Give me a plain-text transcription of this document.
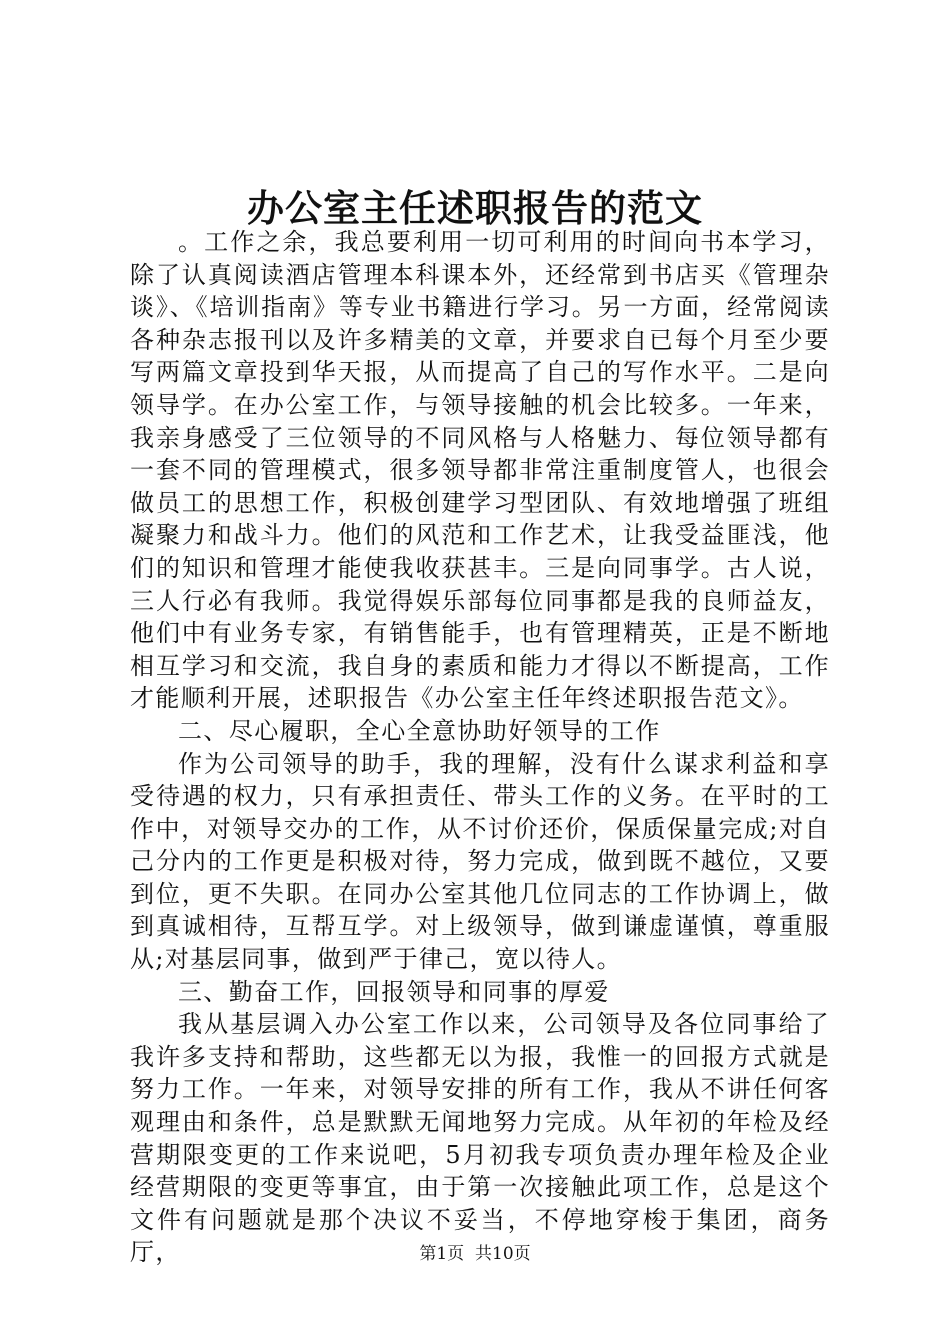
办公室主任述职报告的范文

。工作之余，我总要利用一切可利用的时间向书本学习，除了认真阅读酒店管理本科课本外，还经常到书店买《管理杂谈》、《培训指南》等专业书籍进行学习。另一方面，经常阅读各种杂志报刊以及许多精美的文章，并要求自已每个月至少要写两篇文章投到华天报，从而提高了自己的写作水平。二是向领导学。在办公室工作，与领导接触的机会比较多。一年来，我亲身感受了三位领导的不同风格与人格魅力、每位领导都有一套不同的管理模式，很多领导都非常注重制度管人，也很会做员工的思想工作，积极创建学习型团队、有效地增强了班组凝聚力和战斗力。他们的风范和工作艺术，让我受益匪浅，他们的知识和管理才能使我收获甚丰。三是向同事学。古人说，三人行必有我师。我觉得娱乐部每位同事都是我的良师益友，他们中有业务专家，有销售能手，也有管理精英，正是不断地相互学习和交流，我自身的素质和能力才得以不断提高，工作才能顺利开展，述职报告《办公室主任年终述职报告范文》。

二、尽心履职，全心全意协助好领导的工作

作为公司领导的助手，我的理解，没有什么谋求利益和享受待遇的权力，只有承担责任、带头工作的义务。在平时的工作中，对领导交办的工作，从不讨价还价，保质保量完成;对自己分内的工作更是积极对待，努力完成，做到既不越位，又要到位，更不失职。在同办公室其他几位同志的工作协调上，做到真诚相待，互帮互学。对上级领导，做到谦虚谨慎，尊重服从;对基层同事，做到严于律己，宽以待人。

三、勤奋工作，回报领导和同事的厚爱

我从基层调入办公室工作以来，公司领导及各位同事给了我许多支持和帮助，这些都无以为报，我惟一的回报方式就是努力工作。一年来，对领导安排的所有工作，我从不讲任何客观理由和条件，总是默默无闻地努力完成。从年初的年检及经营期限变更的工作来说吧，5月初我专项负责办理年检及企业经营期限的变更等事宜，由于第一次接触此项工作，总是这个文件有问题就是那个决议不妥当，不停地穿梭于集团，商务厅，	第1页 共10页
